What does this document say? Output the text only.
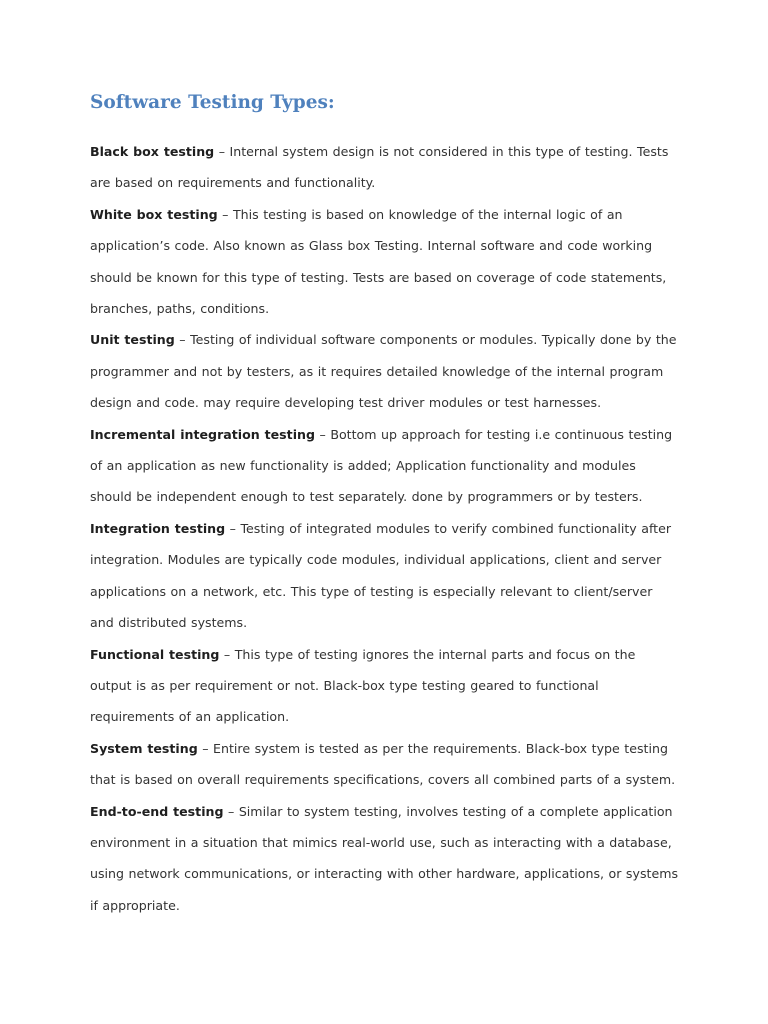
Software Testing Types:

Black box testing – Internal system design is not considered in this type of testing. Tests are based on requirements and functionality.

White box testing – This testing is based on knowledge of the internal logic of an application’s code. Also known as Glass box Testing. Internal software and code working should be known for this type of testing. Tests are based on coverage of code statements, branches, paths, conditions.

Unit testing – Testing of individual software components or modules. Typically done by the programmer and not by testers, as it requires detailed knowledge of the internal program design and code. may require developing test driver modules or test harnesses.

Incremental integration testing – Bottom up approach for testing i.e continuous testing of an application as new functionality is added; Application functionality and modules should be independent enough to test separately. done by programmers or by testers.

Integration testing – Testing of integrated modules to verify combined functionality after integration. Modules are typically code modules, individual applications, client and server applications on a network, etc. This type of testing is especially relevant to client/server and distributed systems.

Functional testing – This type of testing ignores the internal parts and focus on the output is as per requirement or not. Black-box type testing geared to functional requirements of an application.

System testing – Entire system is tested as per the requirements. Black-box type testing that is based on overall requirements specifications, covers all combined parts of a system.

End-to-end testing – Similar to system testing, involves testing of a complete application environment in a situation that mimics real-world use, such as interacting with a database, using network communications, or interacting with other hardware, applications, or systems if appropriate.
